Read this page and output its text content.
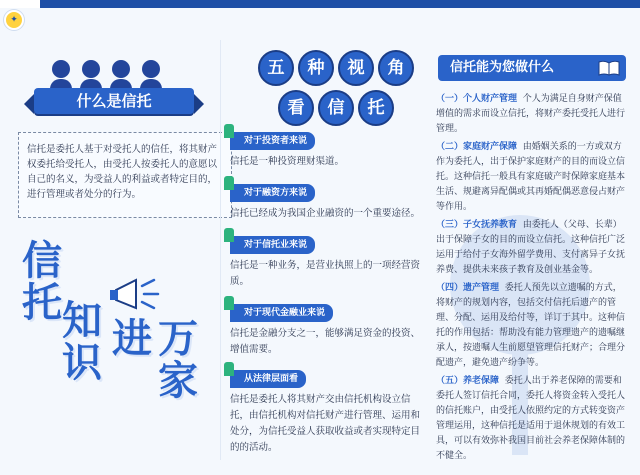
✦
什么是信托
信托是委托人基于对受托人的信任，将其财产权委托给受托人，由受托人按委托人的意愿以自己的名义，为受益人的利益或者特定目的，进行管理或者处分的行为。
信
托 知
识
进 万
家
五	种	视	角
看	信	托
对于投资者来说
信托是一种投资理财渠道。
对于融资方来说
信托已经成为我国企业融资的一个重要途径。
对于信托业来说
信托是一种业务，是营业执照上的一项经营资质。
对于现代金融业来说
信托是金融分支之一，能够满足资金的投资、增值需要。
从法律层面看
信托是委托人将其财产交由信托机构设立信托，由信托机构对信托财产进行管理、运用和处分，为信托受益人获取收益或者实现特定目的的活动。
信托能为您做什么
（一）个人财产管理 个人为满足自身财产保值增值的需求而设立信托，将财产委托受托人进行管理。
（二）家庭财产保障 由婚姻关系的一方或双方作为委托人，出于保护家庭财产的目的而设立信托。这种信托一般具有家庭破产时保障家庭基本生活、规避离异配偶或其再婚配偶恶意侵占财产等作用。
（三）子女抚养教育 由委托人（父母、长辈）出于保障子女的目的而设立信托。这种信托广泛运用于给付子女海外留学费用、支付离异子女抚养费、提供未来孩子教育及创业基金等。
（四）遗产管理 委托人预先以立遗嘱的方式，将财产的规划内容，包括交付信托后遗产的管理、分配、运用及给付等，详订于其中。这种信托的作用包括：帮助没有能力管理遗产的遗嘱继承人，按遗嘱人生前愿望管理信托财产；合理分配遗产，避免遗产纷争等。
（五）养老保障 委托人出于养老保障的需要和委托人签订信托合同，委托人将资金转入受托人的信托账户，由受托人依照约定的方式转变资产管理运用，这种信托是适用于退休规划的有效工具，可以有效弥补我国目前社会养老保障体制的不健全。
